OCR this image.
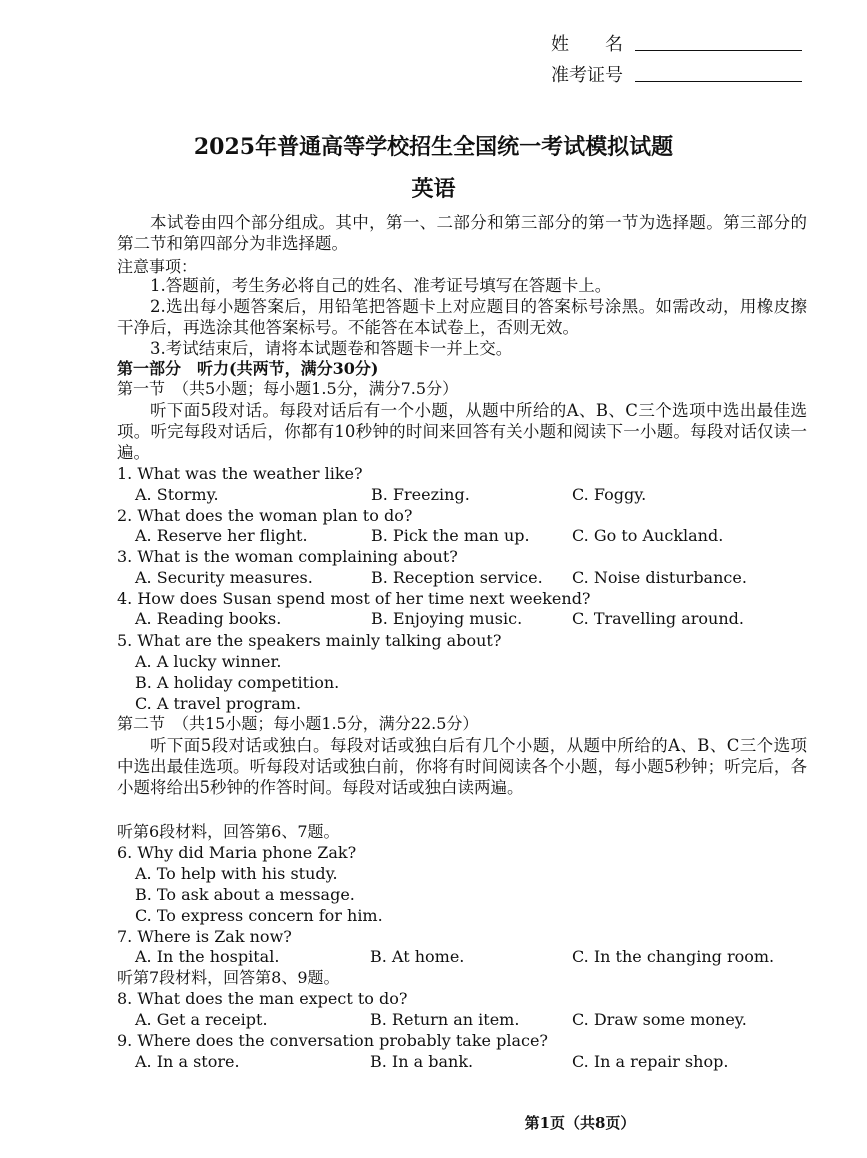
姓　　名
准考证号
2025年普通高等学校招生全国统一考试模拟试题
英语
本试卷由四个部分组成。其中，第一、二部分和第三部分的第一节为选择题。第三部分的第二节和第四部分为非选择题。
注意事项：
1.答题前，考生务必将自己的姓名、准考证号填写在答题卡上。
2.选出每小题答案后，用铅笔把答题卡上对应题目的答案标号涂黑。如需改动，用橡皮擦干净后，再选涂其他答案标号。不能答在本试卷上，否则无效。
3.考试结束后，请将本试题卷和答题卡一并上交。
第一部分　听力(共两节，满分30分)
第一节　（共5小题；每小题1.5分，满分7.5分）
听下面5段对话。每段对话后有一个小题，从题中所给的A、B、C三个选项中选出最佳选项。听完每段对话后，你都有10秒钟的时间来回答有关小题和阅读下一小题。每段对话仅读一遍。
1. What was the weather like?
A. Stormy.	B. Freezing.	C. Foggy.
2. What does the woman plan to do?
A. Reserve her flight.	B. Pick the man up.	C. Go to Auckland.
3. What is the woman complaining about?
A. Security measures.	B. Reception service. C. Noise disturbance.
4. How does Susan spend most of her time next weekend?
A. Reading books.	B. Enjoying music.	C. Travelling around.
5. What are the speakers mainly talking about?
A. A lucky winner.
B. A holiday competition.
C. A travel program.
第二节　（共15小题；每小题1.5分，满分22.5分）
听下面5段对话或独白。每段对话或独白后有几个小题，从题中所给的A、B、C三个选项中选出最佳选项。听每段对话或独白前，你将有时间阅读各个小题，每小题5秒钟；听完后，各小题将给出5秒钟的作答时间。每段对话或独白读两遍。
听第6段材料，回答第6、7题。
6. Why did Maria phone Zak?
A. To help with his study.
B. To ask about a message.
C. To express concern for him.
7. Where is Zak now?
A. In the hospital.	B. At home.	C. In the changing room.
听第7段材料，回答第8、9题。
8. What does the man expect to do?
A. Get a receipt.	B. Return an item.	C. Draw some money.
9. Where does the conversation probably take place?
A. In a store.	B. In a bank.	C. In a repair shop.
第1页（共8页）
